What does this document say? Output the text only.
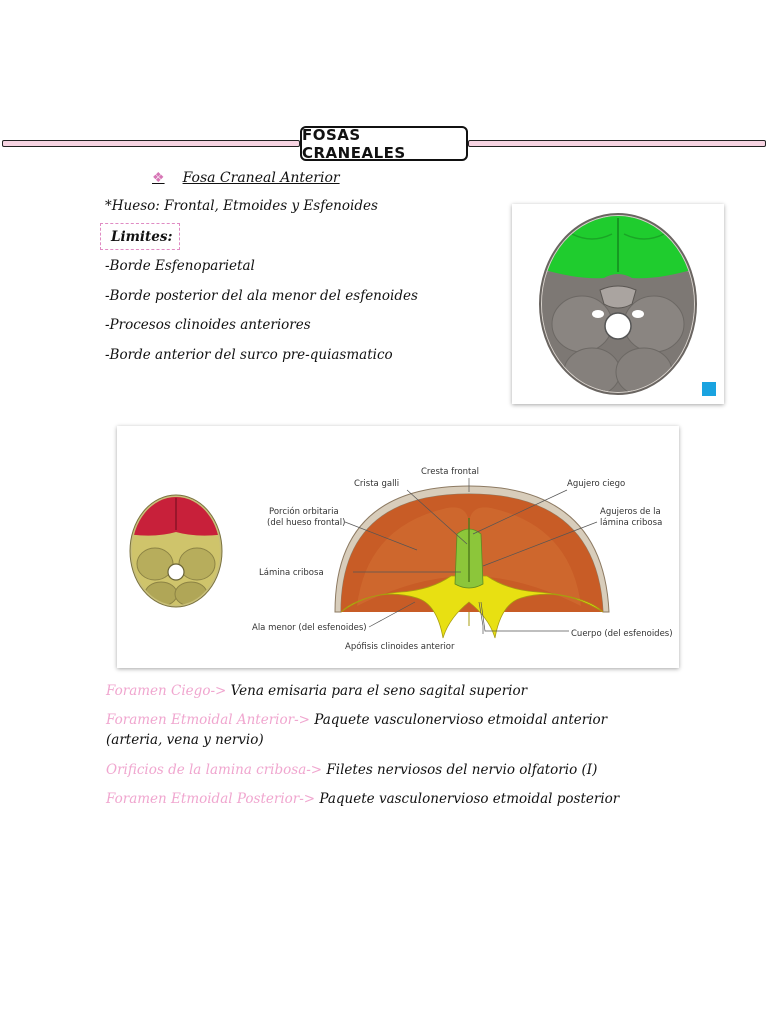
FOSAS CRANEALES
❖ Fosa Craneal Anterior
*Hueso: Frontal, Etmoides y Esfenoides
Limites:
-Borde Esfenoparietal
-Borde posterior del ala menor del esfenoides
-Procesos clinoides anteriores
-Borde anterior del surco pre-quiasmatico
Cresta frontal
Crista galli	Agujero ciego
Porción orbitaria
(del hueso frontal)
Agujeros de la
lámina cribosa
Lámina cribosa
Ala menor (del esfenoides)
Cuerpo (del esfenoides)
Apófisis clinoides anterior
Foramen Ciego-> Vena emisaria para el seno sagital superior
Foramen Etmoidal Anterior-> Paquete vasculonervioso etmoidal anterior (arteria, vena y nervio)
Orificios de la lamina cribosa-> Filetes nerviosos del nervio olfatorio (I)
Foramen Etmoidal Posterior-> Paquete vasculonervioso etmoidal posterior
